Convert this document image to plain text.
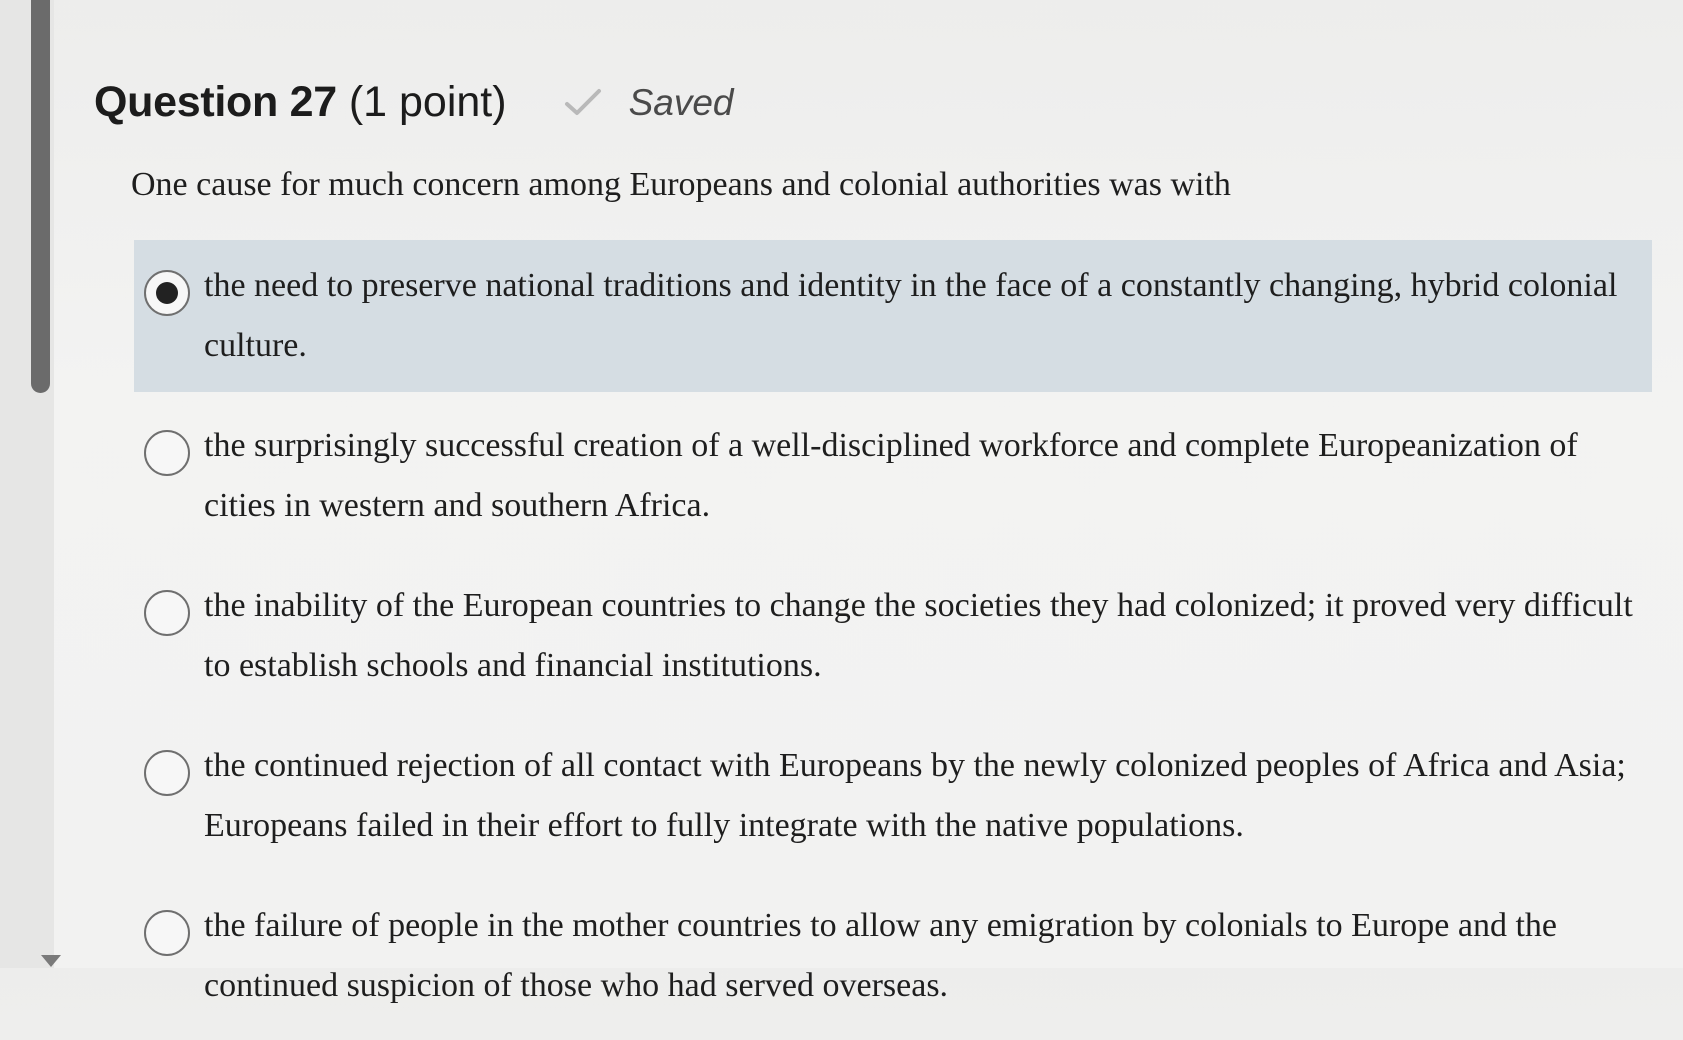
Question 27 (1 point)	Saved
One cause for much concern among Europeans and colonial authorities was with
the need to preserve national traditions and identity in the face of a constantly changing, hybrid colonial culture.
the surprisingly successful creation of a well-disciplined workforce and complete Europeanization of cities in western and southern Africa.
the inability of the European countries to change the societies they had colonized; it proved very difficult to establish schools and financial institutions.
the continued rejection of all contact with Europeans by the newly colonized peoples of Africa and Asia; Europeans failed in their effort to fully integrate with the native populations.
the failure of people in the mother countries to allow any emigration by colonials to Europe and the continued suspicion of those who had served overseas.
